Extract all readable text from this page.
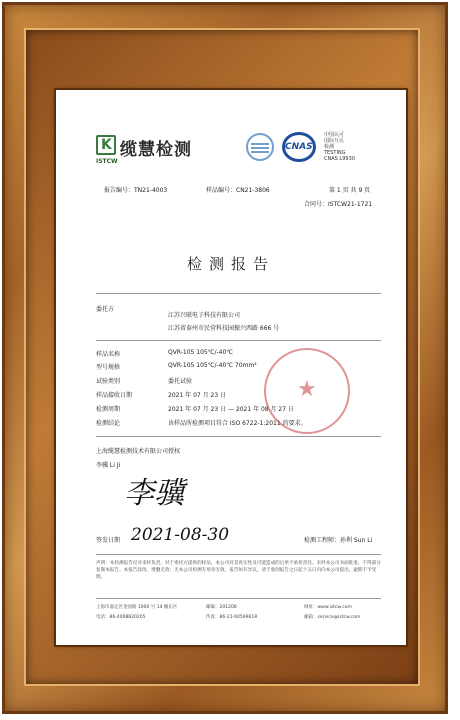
K 缆慧检测
ISTCW
CNAS
中国认可
国际互认
检测
TESTING
CNAS L9930
报告编号：TN21-4003	样品编号：CN21-3806	第 1 页 共 9 页
合同号：ISTCW21-1721
检测报告
委托方
江苏兴联电子科技有限公司
江苏省泰州市民营科技园振兴西路 666 号
★
样品名称	QVR-105 105℃/-40℃
型号规格	QVR-105 105℃/-40℃ 70mm²
试验类别	委托试验
样品接收日期	2021 年 07 月 23 日
检测周期	2021 年 07 月 23 日 — 2021 年 08 月 27 日
检测结论	该样品所检测项目符合 ISO 6722-1:2011 的要求。
上海缆慧检测技术有限公司授权
李骥 Li Ji
李骥
签发日期 2021-08-30	检测工程师：孙利 Sun Li
声明：本检测报告仅对来样负责，对于委托方提供的样品，本公司对其真实性及可能造成的后果不承担责任。未经本公司书面批准，不得部分复制本报告。本报告涂改、增删无效；无本公司检测专用章无效。报告如有异议，请于收到报告之日起十五日内向本公司提出，逾期不予受理。
上海市嘉定区金园路 1000 号 14 幢东区
电话：86-4008820205
邮编：201208
传真：86-21-60599618
网址：www.istcw.com
邮箱：service@istcw.com
